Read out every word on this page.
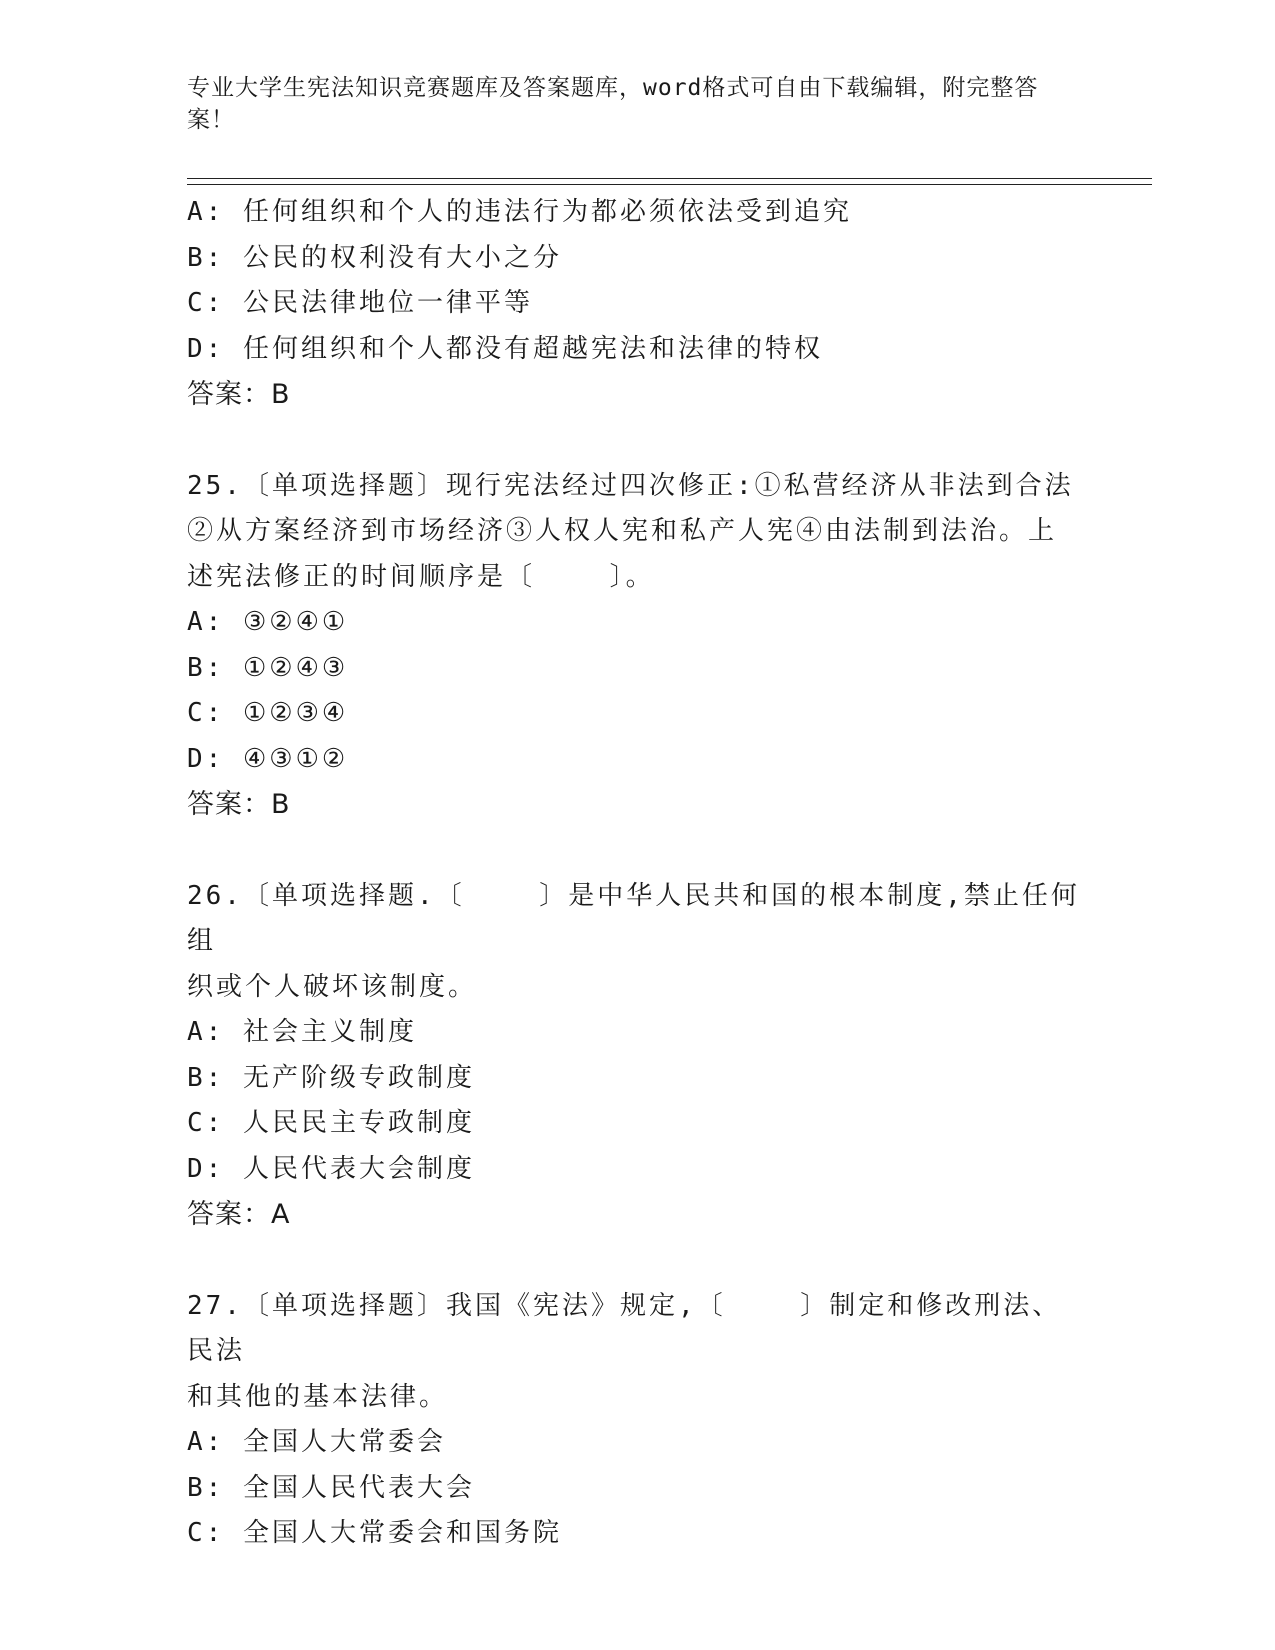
专业大学生宪法知识竞赛题库及答案题库，word格式可自由下载编辑，附完整答
案！
A: 任何组织和个人的违法行为都必须依法受到追究
B: 公民的权利没有大小之分
C: 公民法律地位一律平等
D: 任何组织和个人都没有超越宪法和法律的特权
答案：B
25.〔单项选择题〕现行宪法经过四次修正:①私营经济从非法到合法
②从方案经济到市场经济③人权人宪和私产人宪④由法制到法治。上
述宪法修正的时间顺序是〔    〕。
A: ③②④①
B: ①②④③
C: ①②③④
D: ④③①②
答案：B
26.〔单项选择题.〔    〕是中华人民共和国的根本制度,禁止任何组
织或个人破坏该制度。
A: 社会主义制度
B: 无产阶级专政制度
C: 人民民主专政制度
D: 人民代表大会制度
答案：A
27.〔单项选择题〕我国《宪法》规定,〔    〕制定和修改刑法、民法
和其他的基本法律。
A: 全国人大常委会
B: 全国人民代表大会
C: 全国人大常委会和国务院
